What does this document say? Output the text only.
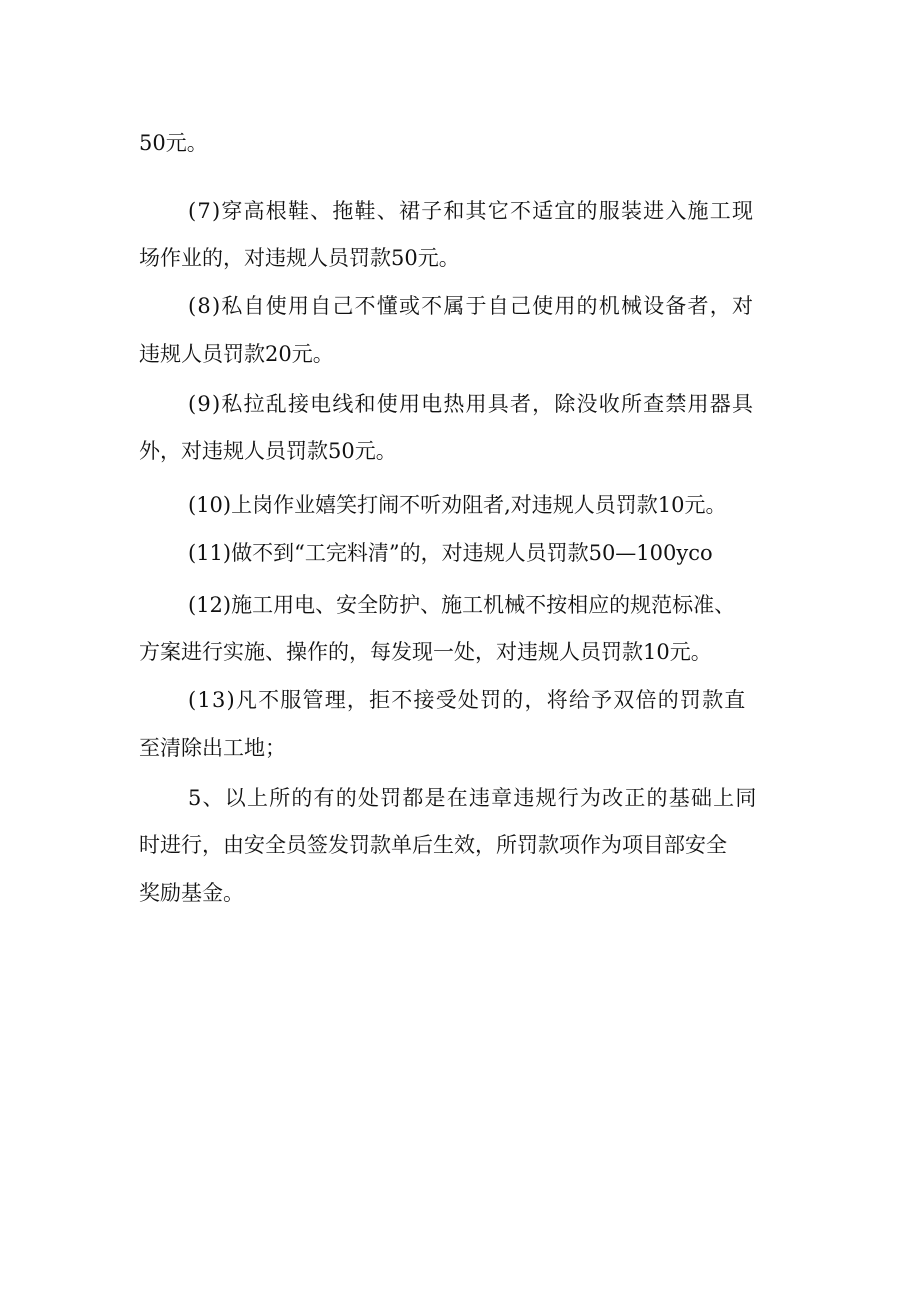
50元。
(7)穿高根鞋、拖鞋、裙子和其它不适宜的服装进入施工现
场作业的，对违规人员罚款50元。
(8)私自使用自己不懂或不属于自己使用的机械设备者，对
违规人员罚款20元。
(9)私拉乱接电线和使用电热用具者，除没收所查禁用器具
外，对违规人员罚款50元。
(10)上岗作业嬉笑打闹不听劝阻者,对违规人员罚款10元。
(11)做不到“工完料清”的，对违规人员罚款50—100yco
(12)施工用电、安全防护、施工机械不按相应的规范标准、
方案进行实施、操作的，每发现一处，对违规人员罚款10元。
(13)凡不服管理，拒不接受处罚的，将给予双倍的罚款直
至清除出工地；
5、以上所的有的处罚都是在违章违规行为改正的基础上同
时进行，由安全员签发罚款单后生效，所罚款项作为项目部安全
奖励基金。
